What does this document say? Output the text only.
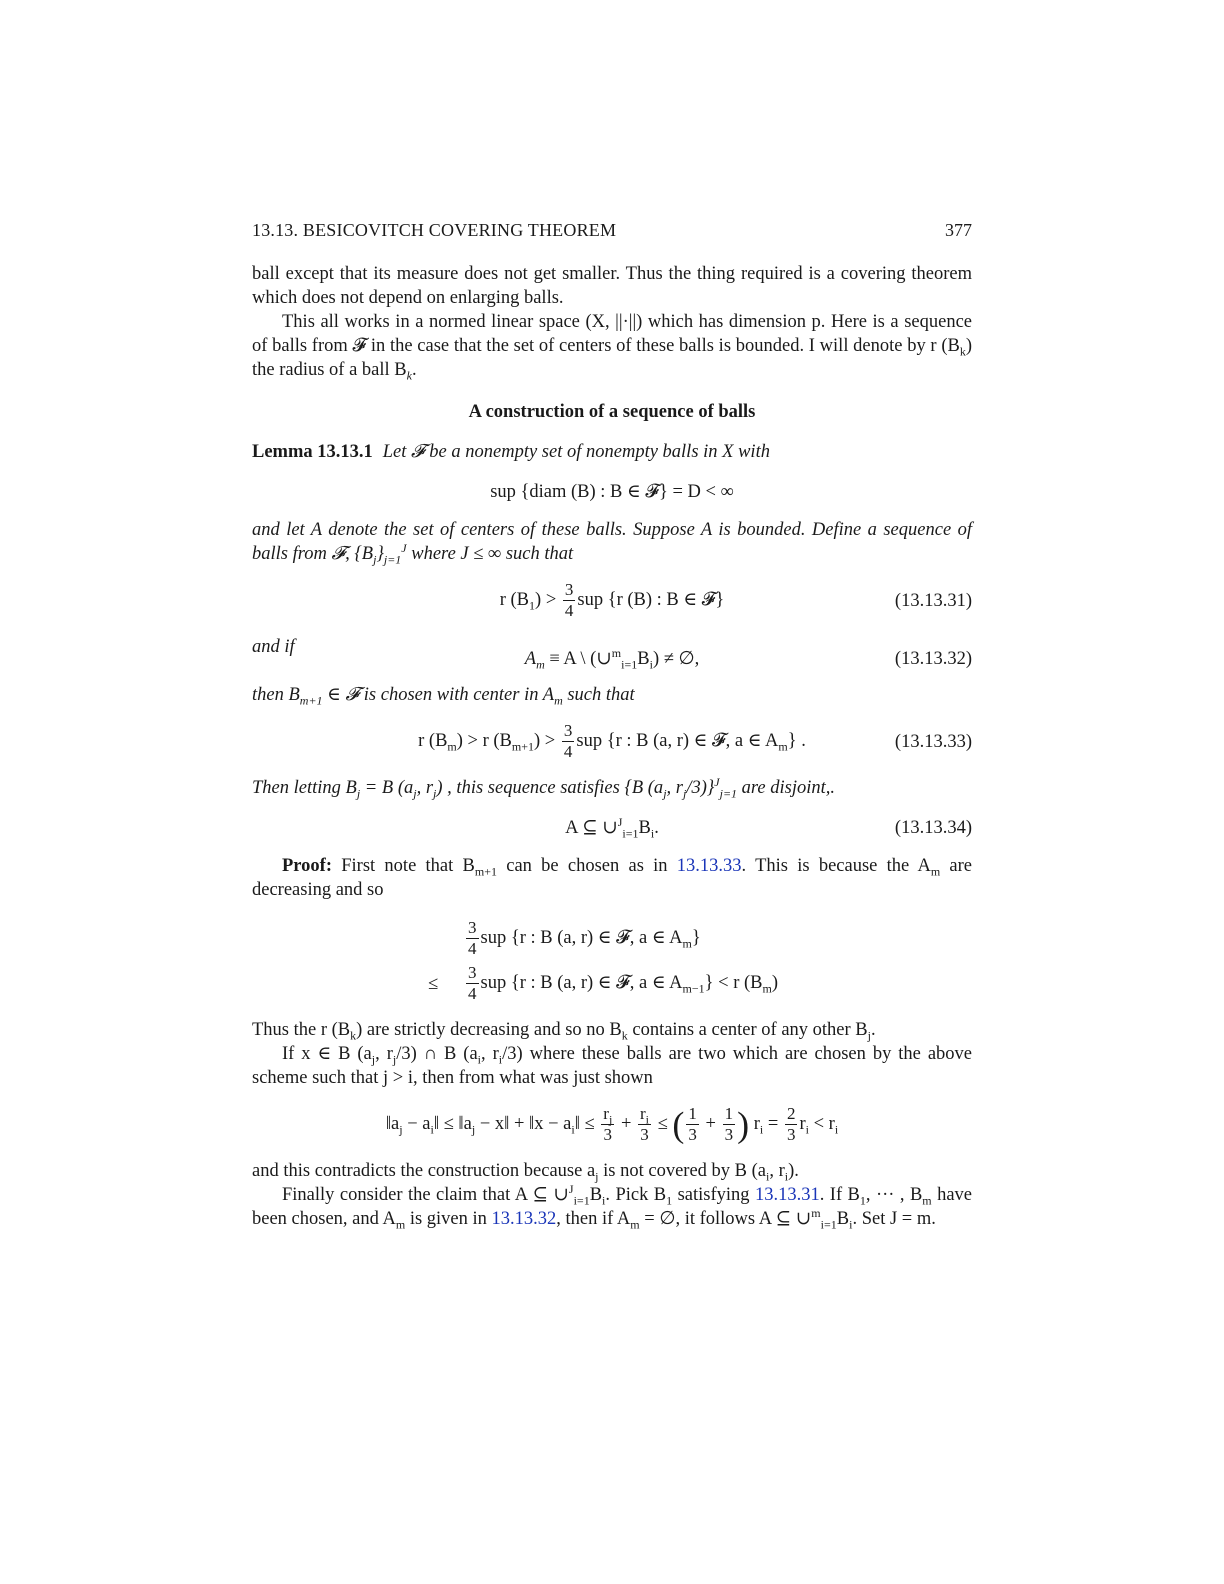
13.13. BESICOVITCH COVERING THEOREM	377

ball except that its measure does not get smaller. Thus the thing required is a covering theorem which does not depend on enlarging balls.

This all works in a normed linear space (X, ||·||) which has dimension p. Here is a sequence of balls from 𝓕 in the case that the set of centers of these balls is bounded. I will denote by r $(B_k)$ the radius of a ball $B_k$.

A construction of a sequence of balls

Lemma 13.13.1 Let 𝓕 be a nonempty set of nonempty balls in X with

sup {diam (B) : B ∈ 𝓕} = D < ∞

and let A denote the set of centers of these balls. Suppose A is bounded. Define a sequence of balls from 𝓕, $\{B_j\}_{j=1}^J$ where J ≤ ∞ such that

r $(B_1) > \frac{3}{4}$ sup {r (B) : B ∈ 𝓕}	(13.13.31)

and if

$A_m \equiv A$ \ $(\cup^m_{i=1}B_i)$ ≠ ∅,	(13.13.32)

then $B_{m+1}$ ∈ 𝓕 is chosen with center in $A_m$ such that

r $(B_m) > r$ $(B_{m+1}) > \frac{3}{4}$ sup {r : B (a, r) ∈ 𝓕, a ∈ $A_m$} .	(13.13.33)

Then letting $B_j = B$ ($a_j$, $r_j$) , this sequence satisfies {B ($a_j$, $r_j/3)\}^J_{j=1}$ are disjoint,.

A ⊆ $\cup^J_{i=1}B_i$.	(13.13.34)

Proof: First note that $B_{m+1}$ can be chosen as in 13.13.33. This is because the $A_m$ are decreasing and so

$\frac{3}{4}$ sup {r : B (a, r) ∈ 𝓕, a ∈ $A_m$}
≤	$\frac{3}{4}$ sup {r : B (a, r) ∈ 𝓕, a ∈ $A_{m-1}\} < r$ $(B_m)$

Thus the r $(B_k)$ are strictly decreasing and so no $B_k$ contains a center of any other $B_j$.

If x ∈ B ($a_j$, $r_j/3$) ∩ B ($a_i$, $r_i/3$) where these balls are two which are chosen by the above scheme such that j > i, then from what was just shown

$‖a_j$ − $a_i‖$ ≤ $‖a_j$ − x‖ + ‖x − $a_i‖ \le \frac{r_j}{3} + \frac{r_i}{3}$ ≤ ( $\frac{1}{3} + \frac{1}{3}$ ) $r_i = \frac{2}{3} r_i < r_i$

and this contradicts the construction because $a_j$ is not covered by B ($a_i$, $r_i$).

Finally consider the claim that A ⊆ $\cup^J_{i=1}B_i$. Pick $B_1$ satisfying 13.13.31. If $B_1$, ··· , $B_m$ have been chosen, and $A_m$ is given in 13.13.32, then if $A_m$ = ∅, it follows A ⊆ $\cup^m_{i=1}B_i$. Set J = m.
